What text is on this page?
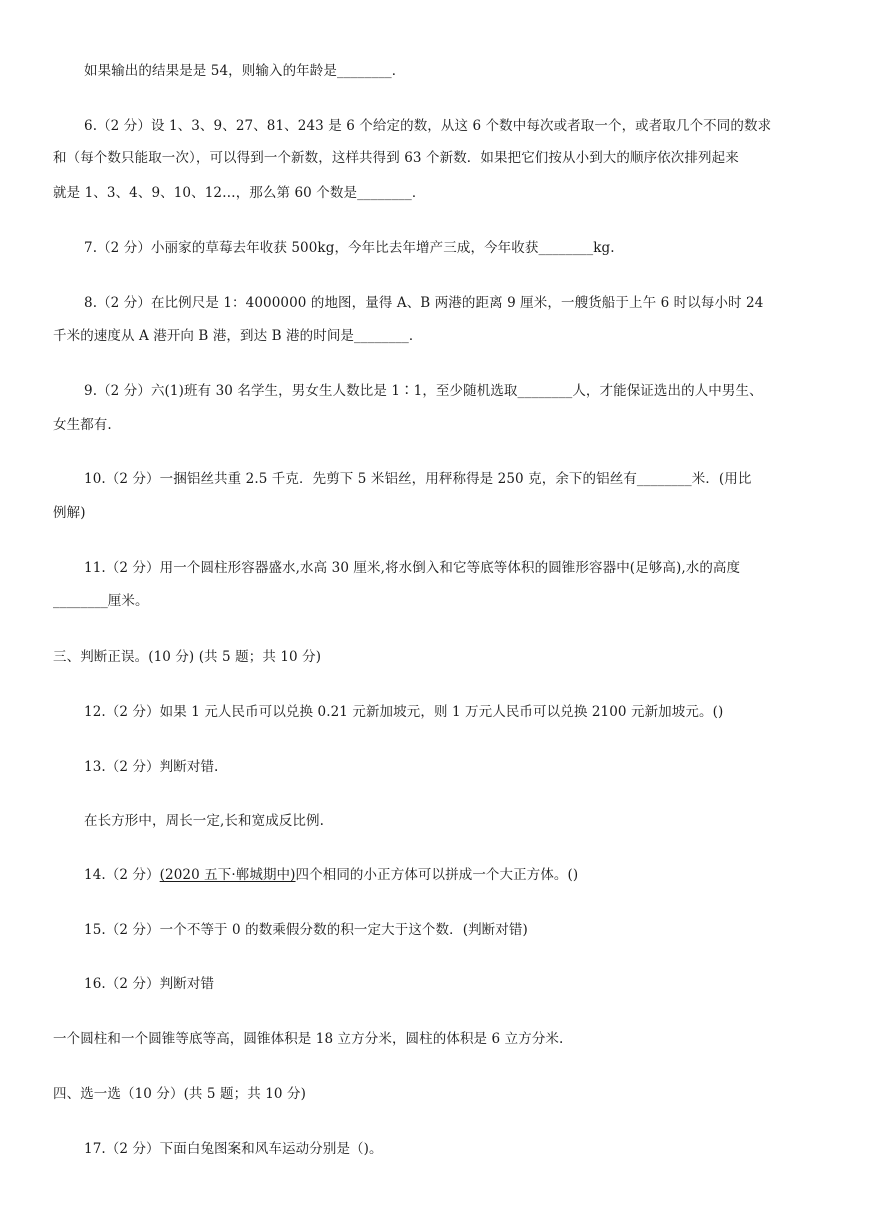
如果输出的结果是是 54，则输入的年龄是________．
6.（2 分）设 1、3、9、27、81、243 是 6 个给定的数，从这 6 个数中每次或者取一个，或者取几个不同的数求
和（每个数只能取一次），可以得到一个新数，这样共得到 63 个新数．如果把它们按从小到大的顺序依次排列起来
就是 1、3、4、9、10、12…，那么第 60 个数是________．
7.（2 分）小丽家的草莓去年收获 500kg，今年比去年增产三成，今年收获________kg.
8.（2 分）在比例尺是 1：4000000 的地图，量得 A、B 两港的距离 9 厘米，一艘货船于上午 6 时以每小时 24
千米的速度从 A 港开向 B 港，到达 B 港的时间是________．
9.（2 分）六(1)班有 30 名学生，男女生人数比是 1∶1，至少随机选取________人，才能保证选出的人中男生、
女生都有.
10.（2 分）一捆铝丝共重 2.5 千克．先剪下 5 米铝丝，用秤称得是 250 克，余下的铝丝有________米．(用比
例解)
11.（2 分）用一个圆柱形容器盛水,水高 30 厘米,将水倒入和它等底等体积的圆锥形容器中(足够高),水的高度
________厘米。
三、判断正误。(10 分) (共 5 题；共 10 分)
12.（2 分）如果 1 元人民币可以兑换 0.21 元新加坡元，则 1 万元人民币可以兑换 2100 元新加坡元。()
13.（2 分）判断对错.
在长方形中，周长一定,长和宽成反比例.
14.（2 分）(2020 五下·郸城期中)四个相同的小正方体可以拼成一个大正方体。()
15.（2 分）一个不等于 0 的数乘假分数的积一定大于这个数．(判断对错)
16.（2 分）判断对错
一个圆柱和一个圆锥等底等高，圆锥体积是 18 立方分米，圆柱的体积是 6 立方分米.
四、选一选（10 分）(共 5 题；共 10 分)
17.（2 分）下面白兔图案和风车运动分别是（)。
